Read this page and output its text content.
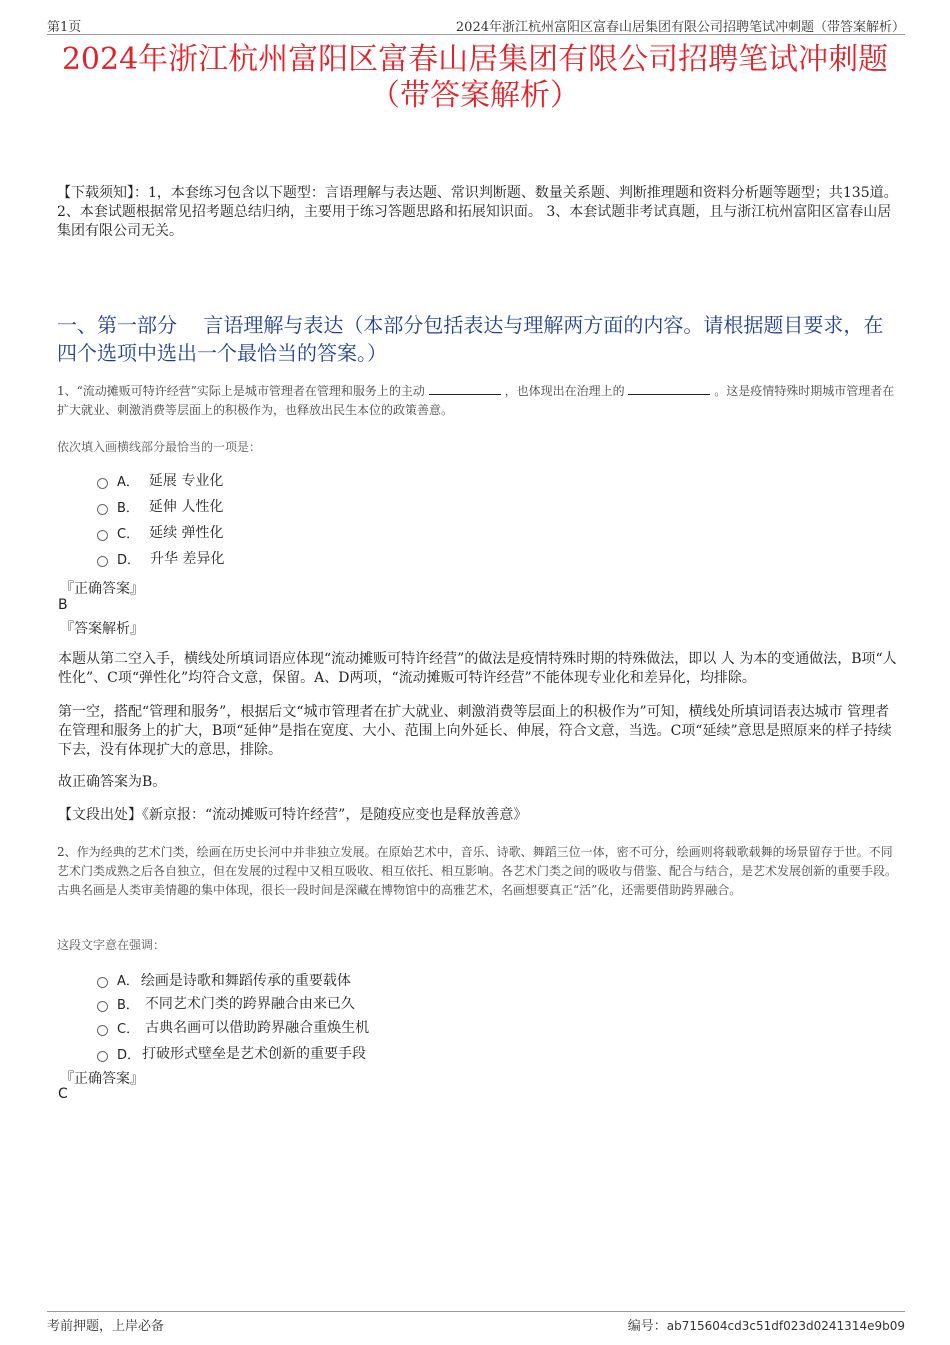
第1页	2024年浙江杭州富阳区富春山居集团有限公司招聘笔试冲刺题（带答案解析）
2024年浙江杭州富阳区富春山居集团有限公司招聘笔试冲刺题
（带答案解析）
【下载须知】：1，本套练习包含以下题型：言语理解与表达题、常识判断题、数量关系题、判断推理题和资料分析题等题型；共135道。 2、本套试题根据常见招考题总结归纳，主要用于练习答题思路和拓展知识面。 3、本套试题非考试真题，且与浙江杭州富阳区富春山居集团有限公司无关。
一、第一部分　 言语理解与表达（本部分包括表达与理解两方面的内容。请根据题目要求，在四个选项中选出一个最恰当的答案。）
1、“流动摊贩可特许经营”实际上是城市管理者在管理和服务上的主动	，也体现出在治理上的	。这是疫情特殊时期城市管理者在扩大就业、刺激消费等层面上的积极作为，也释放出民生本位的政策善意。
依次填入画横线部分最恰当的一项是：
A． 延展 专业化
B． 延伸 人性化
C． 延续 弹性化
D． 升华 差异化
『正确答案』
B
『答案解析』
本题从第二空入手，横线处所填词语应体现“流动摊贩可特许经营”的做法是疫情特殊时期的特殊做法，即以 人 为本的变通做法，B项“人性化”、C项“弹性化”均符合文意，保留。A、D两项，“流动摊贩可特许经营”不能体现专业化和差异化，均排除。
第一空，搭配“管理和服务”，根据后文“城市管理者在扩大就业、刺激消费等层面上的积极作为”可知，横线处所填词语表达城市 管理者在管理和服务上的扩大，B项“延伸”是指在宽度、大小、范围上向外延长、伸展，符合文意，当选。C项“延续”意思是照原来的样子持续下去，没有体现扩大的意思，排除。
故正确答案为B。
【文段出处】《新京报：“流动摊贩可特许经营”，是随疫应变也是释放善意》
2、作为经典的艺术门类，绘画在历史长河中并非独立发展。在原始艺术中，音乐、诗歌、舞蹈三位一体，密不可分，绘画则将载歌载舞的场景留存于世。不同艺术门类成熟之后各自独立，但在发展的过程中又相互吸收、相互依托、相互影响。各艺术门类之间的吸收与借鉴、配合与结合，是艺术发展创新的重要手段。古典名画是人类审美情趣的集中体现，很长一段时间是深藏在博物馆中的高雅艺术，名画想要真正“活”化，还需要借助跨界融合。
这段文字意在强调：
A． 绘画是诗歌和舞蹈传承的重要载体
B． 不同艺术门类的跨界融合由来已久
C． 古典名画可以借助跨界融合重焕生机
D． 打破形式壁垒是艺术创新的重要手段
『正确答案』
C
考前押题，上岸必备	编号：ab715604cd3c51df023d0241314e9b09
